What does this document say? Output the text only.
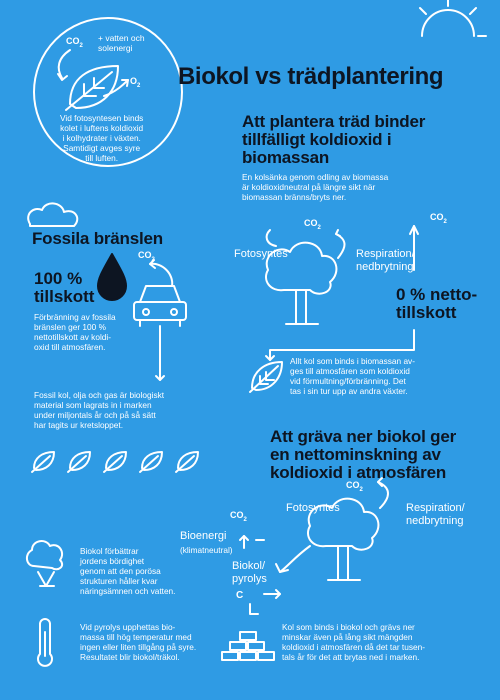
Biokol vs trädplantering
$CO_2$
+ vatten och
solenergi
$O_2$
Vid fotosyntesen binds
kolet i luftens koldioxid
i kolhydrater i växten.
Samtidigt avges syre
till luften.
Fossila bränslen
$CO_2$
100 %
tillskott
Förbränning av fossila
bränslen ger 100 %
nettotillskott av koldi-
oxid till atmosfären.
Fossil kol, olja och gas är biologiskt
material som lagrats in i marken
under miljontals år och på så sätt
har tagits ur kretsloppet.
Att plantera träd binder
tillfälligt koldioxid i
biomassan
En kolsänka genom odling av biomassa
är koldioxidneutral på längre sikt när
biomassan bränns/bryts ner.
$CO_2$
$CO_2$
Fotosyntes	Respiration/
nedbrytning
0 % netto-
tillskott
Allt kol som binds i biomassan av-
ges till atmosfären som koldioxid
vid förmultning/förbränning. Det
tas i sin tur upp av andra växter.
Att gräva ner biokol ger
en nettominskning av
koldioxid i atmosfären
$CO_2$
$CO_2$
Fotosyntes	Respiration/
nedbrytning
Bioenergi
(klimatneutral)
Biokol/
pyrolys
C
Kol som binds i biokol och grävs ner
minskar även på lång sikt mängden
koldioxid i atmosfären då det tar tusen-
tals år för det att brytas ned i marken.
Biokol förbättrar
jordens bördighet
genom att den porösa
strukturen håller kvar
näringsämnen och vatten.
Vid pyrolys upphettas bio-
massa till hög temperatur med
ingen eller liten tillgång på syre.
Resultatet blir biokol/träkol.
